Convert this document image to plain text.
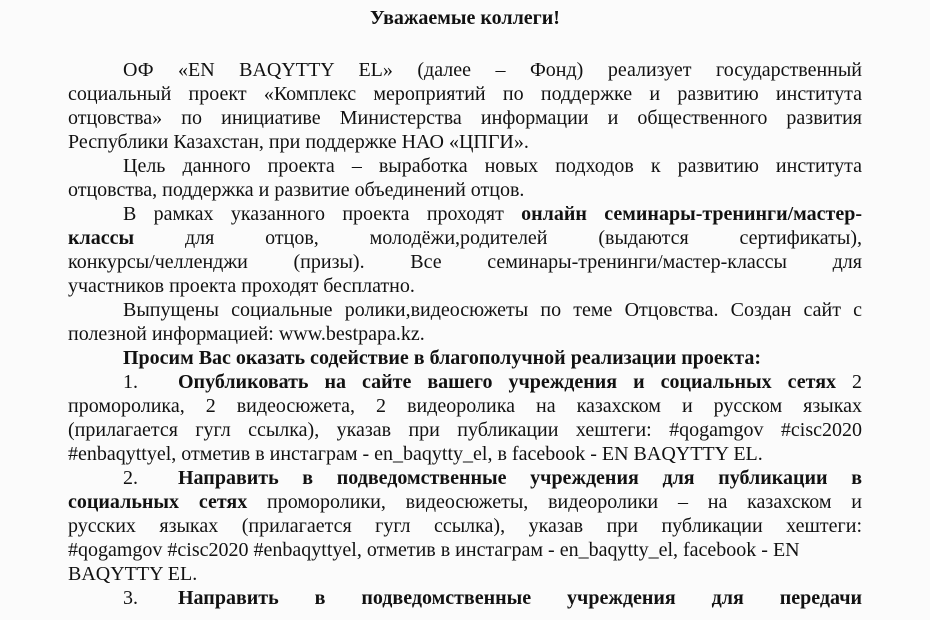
Уважаемые коллеги!
ОФ «EN BAQYTTY EL» (далее – Фонд) реализует государственный
социальный проект «Комплекс мероприятий по поддержке и развитию института
отцовства» по инициативе Министерства информации и общественного развития
Республики Казахстан, при поддержке НАО «ЦПГИ».
Цель данного проекта – выработка новых подходов к развитию института
отцовства, поддержка и развитие объединений отцов.
В рамках указанного проекта проходят онлайн семинары-тренинги/мастер-
классы для отцов, молодёжи,родителей (выдаются сертификаты),
конкурсы/челленджи (призы). Все семинары-тренинги/мастер-классы для
участников проекта проходят бесплатно.
Выпущены социальные ролики,видеосюжеты по теме Отцовства. Создан сайт с
полезной информацией: www.bestpapa.kz.
Просим Вас оказать содействие в благополучной реализации проекта:
1. Опубликовать на сайте вашего учреждения и социальных сетях 2
проморолика, 2 видеосюжета, 2 видеоролика на казахском и русском языках
(прилагается гугл ссылка), указав при публикации хештеги: #qogamgov #cisc2020
#enbaqyttyel, отметив в инстаграм - en_baqytty_el, в facebook - EN BAQYTTY EL.
2. Направить в подведомственные учреждения для публикации в
социальных сетях проморолики, видеосюжеты, видеоролики – на казахском и
русских языках (прилагается гугл ссылка), указав при публикации хештеги:
#qogamgov #cisc2020 #enbaqyttyel, отметив в инстаграм - en_baqytty_el, facebook - EN
BAQYTTY EL.
3. Направить в подведомственные учреждения для передачи
